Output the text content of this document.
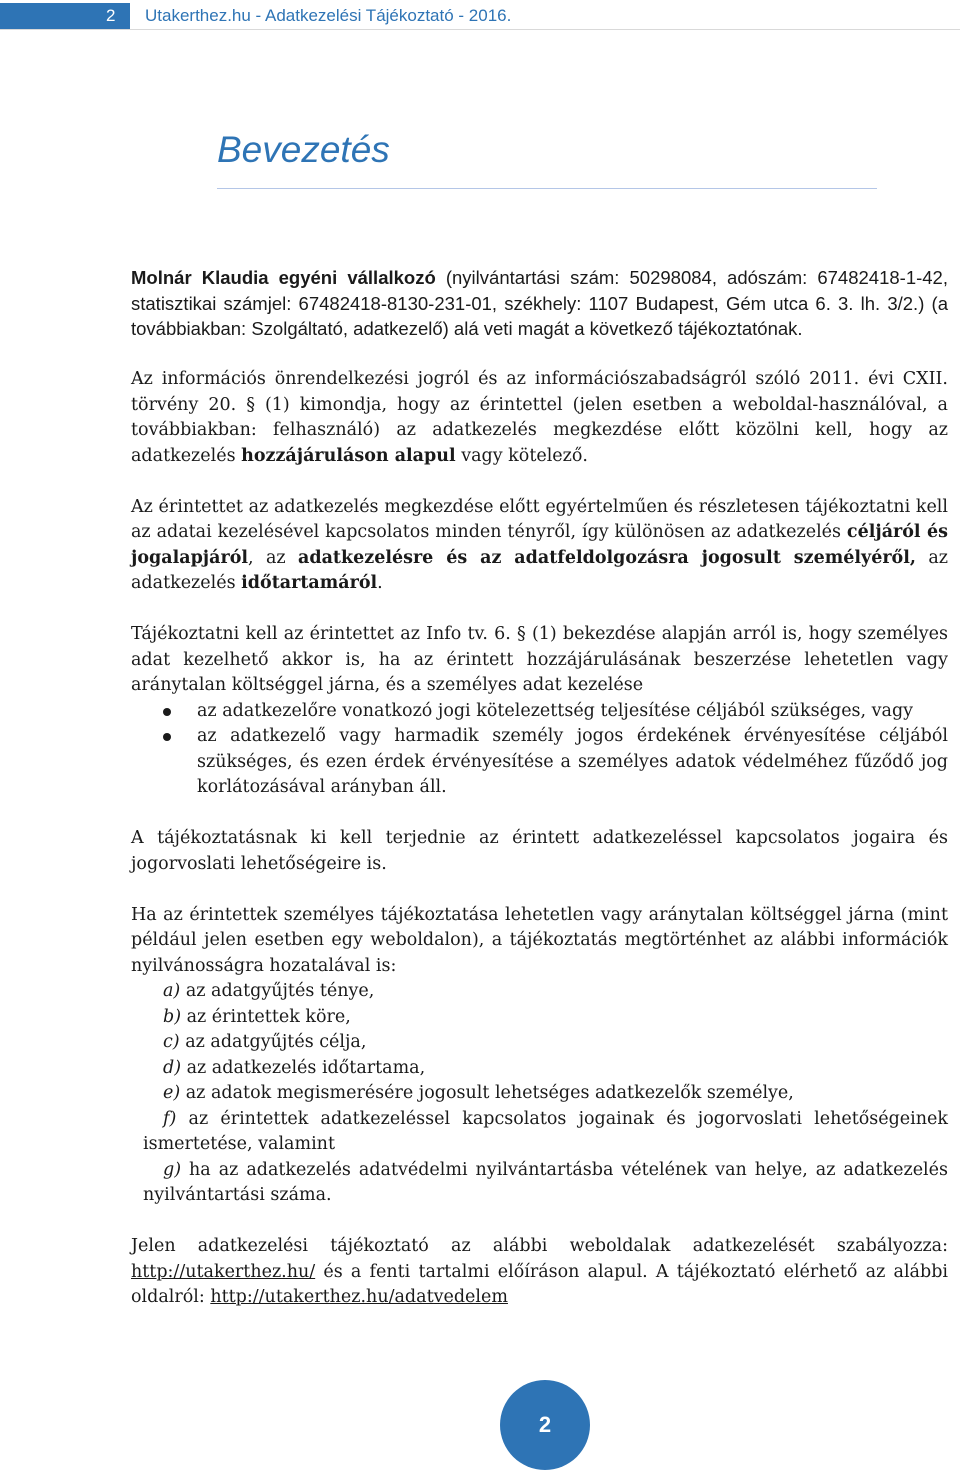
2	Utakerthez.hu - Adatkezelési Tájékoztató - 2016.
Bevezetés

Molnár Klaudia egyéni vállalkozó (nyilvántartási szám: 50298084, adószám: 67482418-1-42, statisztikai számjel: 67482418-8130-231-01, székhely: 1107 Budapest, Gém utca 6. 3. lh. 3/2.) (a továbbiakban: Szolgáltató, adatkezelő) alá veti magát a következő tájékoztatónak.

Az információs önrendelkezési jogról és az információszabadságról szóló 2011. évi CXII. törvény 20. § (1) kimondja, hogy az érintettel (jelen esetben a weboldal-használóval, a továbbiakban: felhasználó) az adatkezelés megkezdése előtt közölni kell, hogy az adatkezelés hozzájáruláson alapul vagy kötelező.

Az érintettet az adatkezelés megkezdése előtt egyértelműen és részletesen tájékoztatni kell az adatai kezelésével kapcsolatos minden tényről, így különösen az adatkezelés céljáról és jogalapjáról, az adatkezelésre és az adatfeldolgozásra jogosult személyéről, az adatkezelés időtartamáról.

Tájékoztatni kell az érintettet az Info tv. 6. § (1) bekezdése alapján arról is, hogy személyes adat kezelhető akkor is, ha az érintett hozzájárulásának beszerzése lehetetlen vagy aránytalan költséggel járna, és a személyes adat kezelése

az adatkezelőre vonatkozó jogi kötelezettség teljesítése céljából szükséges, vagy
az adatkezelő vagy harmadik személy jogos érdekének érvényesítése céljából szükséges, és ezen érdek érvényesítése a személyes adatok védelméhez fűződő jog korlátozásával arányban áll.

A tájékoztatásnak ki kell terjednie az érintett adatkezeléssel kapcsolatos jogaira és jogorvoslati lehetőségeire is.

Ha az érintettek személyes tájékoztatása lehetetlen vagy aránytalan költséggel járna (mint például jelen esetben egy weboldalon), a tájékoztatás megtörténhet az alábbi információk nyilvánosságra hozatalával is:

a) az adatgyűjtés ténye,
b) az érintettek köre,
c) az adatgyűjtés célja,
d) az adatkezelés időtartama,
e) az adatok megismerésére jogosult lehetséges adatkezelők személye,
f) az érintettek adatkezeléssel kapcsolatos jogainak és jogorvoslati lehetőségeinek ismertetése, valamint
g) ha az adatkezelés adatvédelmi nyilvántartásba vételének van helye, az adatkezelés nyilvántartási száma.

Jelen adatkezelési tájékoztató az alábbi weboldalak adatkezelését szabályozza: http://utakerthez.hu/ és a fenti tartalmi előíráson alapul. A tájékoztató elérhető az alábbi oldalról: http://utakerthez.hu/adatvedelem

2
